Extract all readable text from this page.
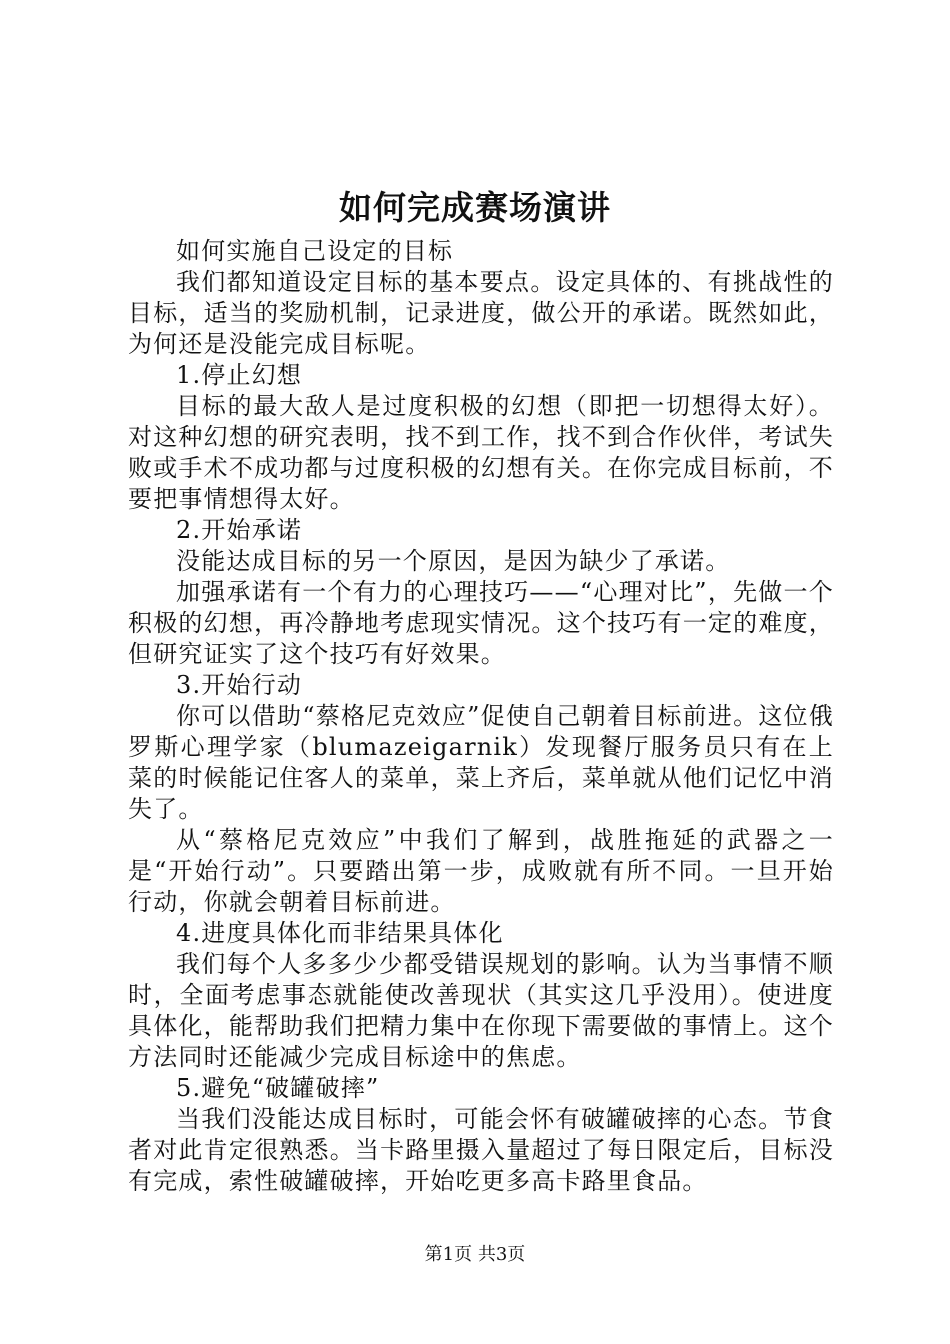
如何完成赛场演讲

如何实施自己设定的目标

我们都知道设定目标的基本要点。设定具体的、有挑战性的目标，适当的奖励机制，记录进度，做公开的承诺。既然如此，为何还是没能完成目标呢。

1.停止幻想

目标的最大敌人是过度积极的幻想（即把一切想得太好）。对这种幻想的研究表明，找不到工作，找不到合作伙伴，考试失败或手术不成功都与过度积极的幻想有关。在你完成目标前，不要把事情想得太好。

2.开始承诺

没能达成目标的另一个原因，是因为缺少了承诺。

加强承诺有一个有力的心理技巧——“心理对比”，先做一个积极的幻想，再冷静地考虑现实情况。这个技巧有一定的难度，但研究证实了这个技巧有好效果。

3.开始行动

你可以借助“蔡格尼克效应”促使自己朝着目标前进。这位俄罗斯心理学家（blumazeigarnik）发现餐厅服务员只有在上菜的时候能记住客人的菜单，菜上齐后，菜单就从他们记忆中消失了。

从“蔡格尼克效应”中我们了解到，战胜拖延的武器之一是“开始行动”。只要踏出第一步，成败就有所不同。一旦开始行动，你就会朝着目标前进。

4.进度具体化而非结果具体化

我们每个人多多少少都受错误规划的影响。认为当事情不顺时，全面考虑事态就能使改善现状（其实这几乎没用）。使进度具体化，能帮助我们把精力集中在你现下需要做的事情上。这个方法同时还能减少完成目标途中的焦虑。

5.避免“破罐破摔”

当我们没能达成目标时，可能会怀有破罐破摔的心态。节食者对此肯定很熟悉。当卡路里摄入量超过了每日限定后，目标没有完成，索性破罐破摔，开始吃更多高卡路里食品。

第1页 共3页
